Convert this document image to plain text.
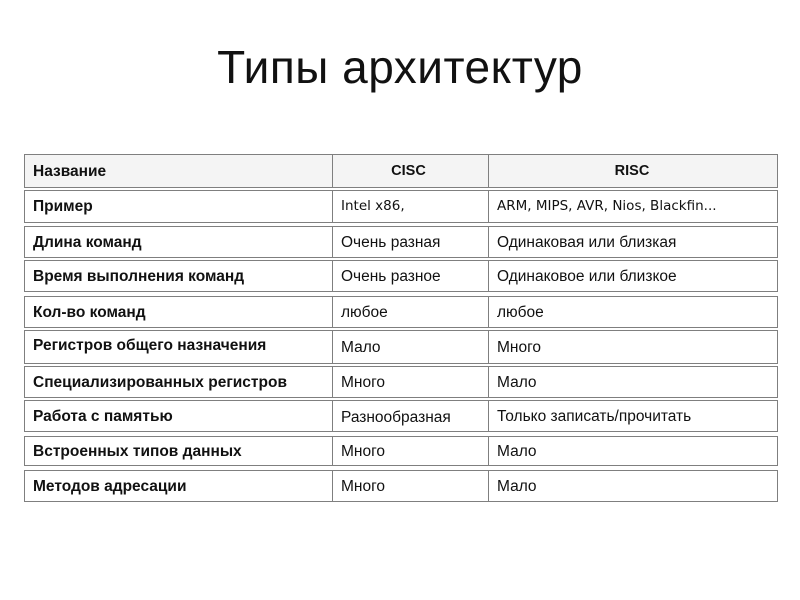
Типы архитектур
Название	CISC	RISC
Пример	Intel x86,	ARM, MIPS, AVR, Nios, Blackfin...
Длина команд	Очень разная	Одинаковая или близкая
Время выполнения команд	Очень разное	Одинаковое или близкое
Кол-во команд	любое	любое
Регистров общего назначения	Мало	Много
Специализированных регистров	Много	Мало
Работа с памятью	Разнообразная	Только записать/прочитать
Встроенных типов данных	Много	Мало
Методов адресации	Много	Мало
